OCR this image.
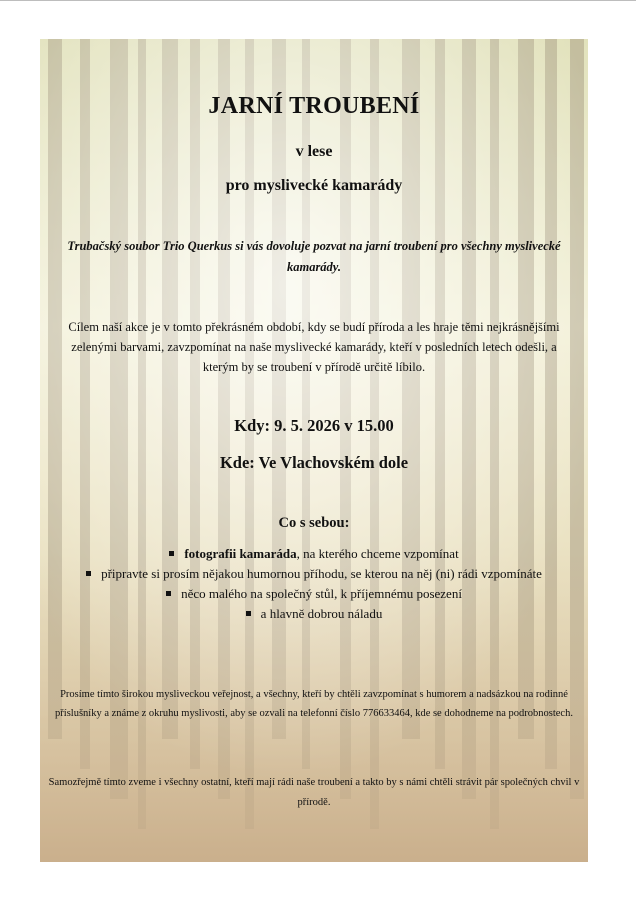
JARNÍ TROUBENÍ

v lese

pro myslivecké kamarády

Trubačský soubor Trio Querkus si vás dovoluje pozvat na jarní troubení pro všechny myslivecké kamarády.

Cílem naší akce je v tomto překrásném období, kdy se budí příroda a les hraje těmi nejkrásnějšími zelenými barvami, zavzpomínat na naše myslivecké kamarády, kteří v posledních letech odešli, a kterým by se troubení v přírodě určitě líbilo.

Kdy: 9. 5. 2026 v 15.00

Kde: Ve Vlachovském dole

Co s sebou:

fotografii kamaráda, na kterého chceme vzpomínat
připravte si prosím nějakou humornou příhodu, se kterou na něj (ni) rádi vzpomínáte
něco malého na společný stůl, k příjemnému posezení
a hlavně dobrou náladu

Prosíme tímto širokou mysliveckou veřejnost, a všechny, kteří by chtěli zavzpomínat s humorem a nadsázkou na rodinné příslušníky a známe z okruhu myslivosti, aby se ozvali na telefonní číslo 776633464, kde se dohodneme na podrobnostech.

Samozřejmě tímto zveme i všechny ostatní, kteří mají rádi naše troubení a takto by s námi chtěli strávit pár společných chvil v přírodě.
